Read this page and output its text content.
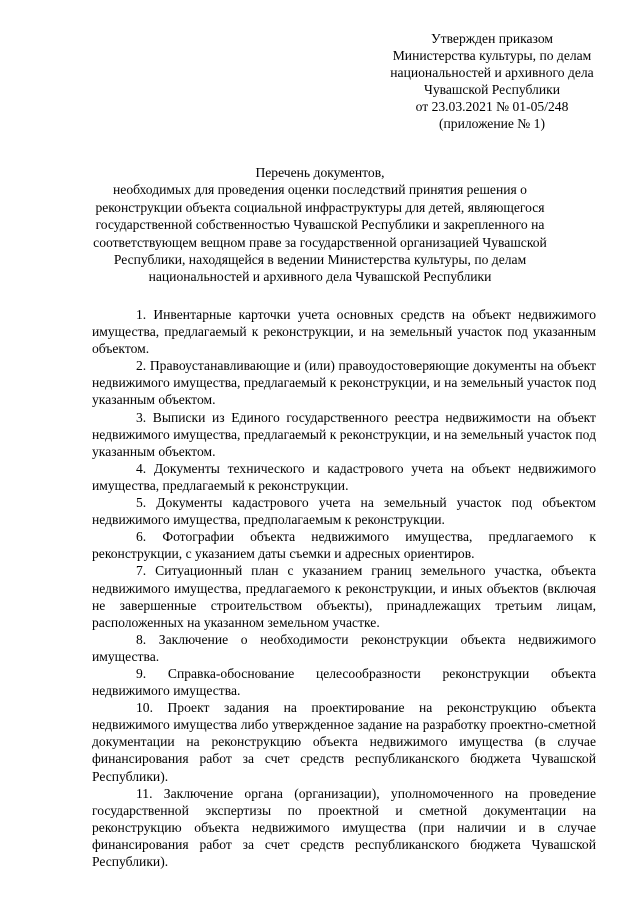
Утвержден приказом
Министерства культуры, по делам
национальностей и архивного дела
Чувашской Республики
от 23.03.2021 № 01-05/248
(приложение № 1)
Перечень документов,
необходимых для проведения оценки последствий принятия решения о
реконструкции объекта социальной инфраструктуры для детей, являющегося
государственной собственностью Чувашской Республики и закрепленного на
соответствующем вещном праве за государственной организацией Чувашской
Республики, находящейся в ведении Министерства культуры, по делам
национальностей и архивного дела Чувашской Республики

1. Инвентарные карточки учета основных средств на объект недвижимого имущества, предлагаемый к реконструкции, и на земельный участок под указанным объектом.

2. Правоустанавливающие и (или) правоудостоверяющие документы на объект недвижимого имущества, предлагаемый к реконструкции, и на земельный участок под указанным объектом.

3. Выписки из Единого государственного реестра недвижимости на объект недвижимого имущества, предлагаемый к реконструкции, и на земельный участок под указанным объектом.

4. Документы технического и кадастрового учета на объект недвижимого имущества, предлагаемый к реконструкции.

5. Документы кадастрового учета на земельный участок под объектом недвижимого имущества, предполагаемым к реконструкции.

6. Фотографии объекта недвижимого имущества, предлагаемого к реконструкции, с указанием даты съемки и адресных ориентиров.

7. Ситуационный план с указанием границ земельного участка, объекта недвижимого имущества, предлагаемого к реконструкции, и иных объектов (включая не завершенные строительством объекты), принадлежащих третьим лицам, расположенных на указанном земельном участке.

8. Заключение о необходимости реконструкции объекта недвижимого имущества.

9. Справка-обоснование целесообразности реконструкции объекта недвижимого имущества.

10. Проект задания на проектирование на реконструкцию объекта недвижимого имущества либо утвержденное задание на разработку проектно-сметной документации на реконструкцию объекта недвижимого имущества (в случае финансирования работ за счет средств республиканского бюджета Чувашской Республики).

11. Заключение органа (организации), уполномоченного на проведение государственной экспертизы по проектной и сметной документации на реконструкцию объекта недвижимого имущества (при наличии и в случае финансирования работ за счет средств республиканского бюджета Чувашской Республики).
